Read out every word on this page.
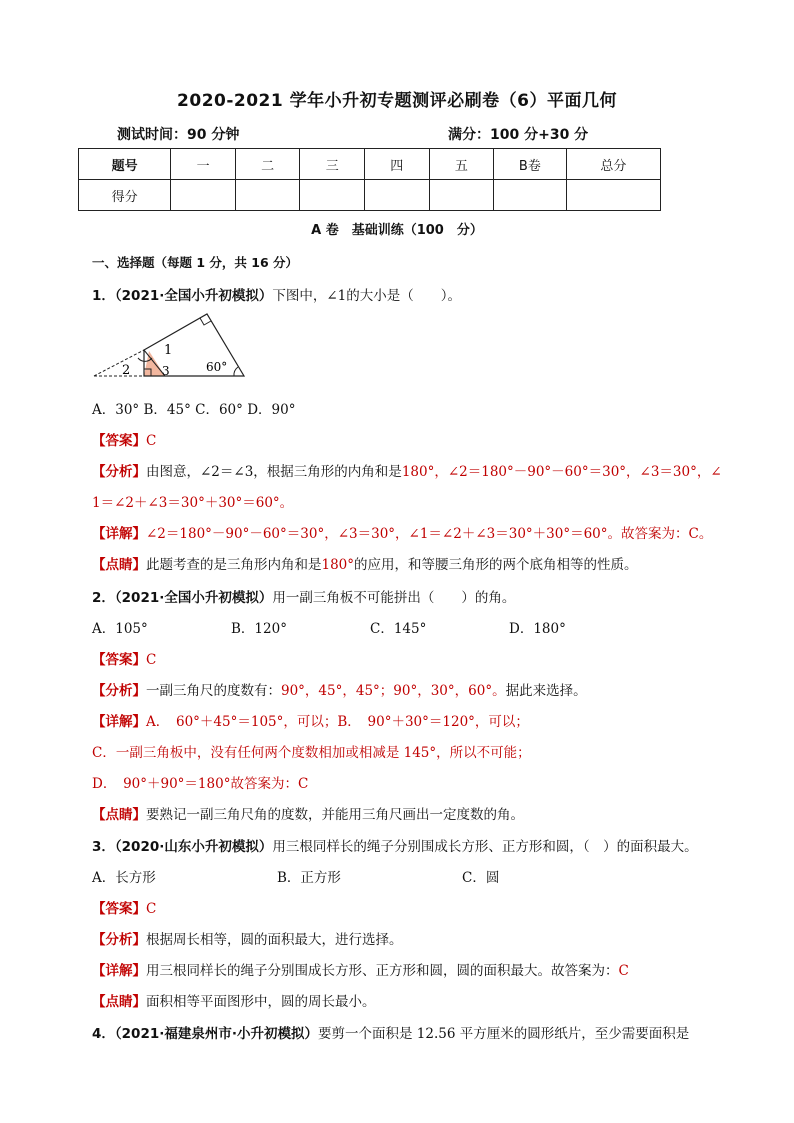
2020-2021 学年小升初专题测评必刷卷（6）平面几何
测试时间：90 分钟	满分：100 分+30 分
题号	一	二	三	四	五	B卷	总分
得分							
A 卷　基础训练（100　分）
一、选择题（每题 1 分，共 16 分）
1．（2021·全国小升初模拟）下图中，∠1的大小是（　　）。
1
2	3	60°
A．30° B．45° C．60° D．90°
【答案】C
【分析】由图意，∠2＝∠3，根据三角形的内角和是180°，∠2＝180°－90°－60°＝30°，∠3＝30°，∠
1＝∠2＋∠3＝30°＋30°＝60°。
【详解】∠2＝180°－90°－60°＝30°，∠3＝30°，∠1＝∠2＋∠3＝30°＋30°＝60°。故答案为：C。
【点睛】此题考查的是三角形内角和是180°的应用，和等腰三角形的两个底角相等的性质。
2．（2021·全国小升初模拟）用一副三角板不可能拼出（　　）的角。
A．105°	B．120°	C．145°	D．180°
【答案】C
【分析】一副三角尺的度数有：90°，45°，45°；90°，30°，60°。据此来选择。
【详解】A．　60°＋45°＝105°，可以；B．　90°＋30°＝120°，可以；
C．一副三角板中，没有任何两个度数相加或相减是 145°，所以不可能；
D．　90°＋90°＝180°故答案为：C
【点睛】要熟记一副三角尺角的度数，并能用三角尺画出一定度数的角。
3．（2020·山东小升初模拟）用三根同样长的绳子分别围成长方形、正方形和圆，（　）的面积最大。
A．长方形	B．正方形	C．圆
【答案】C
【分析】根据周长相等，圆的面积最大，进行选择。
【详解】用三根同样长的绳子分别围成长方形、正方形和圆，圆的面积最大。故答案为：C
【点睛】面积相等平面图形中，圆的周长最小。
4．（2021·福建泉州市·小升初模拟）要剪一个面积是 12.56 平方厘米的圆形纸片，至少需要面积是
